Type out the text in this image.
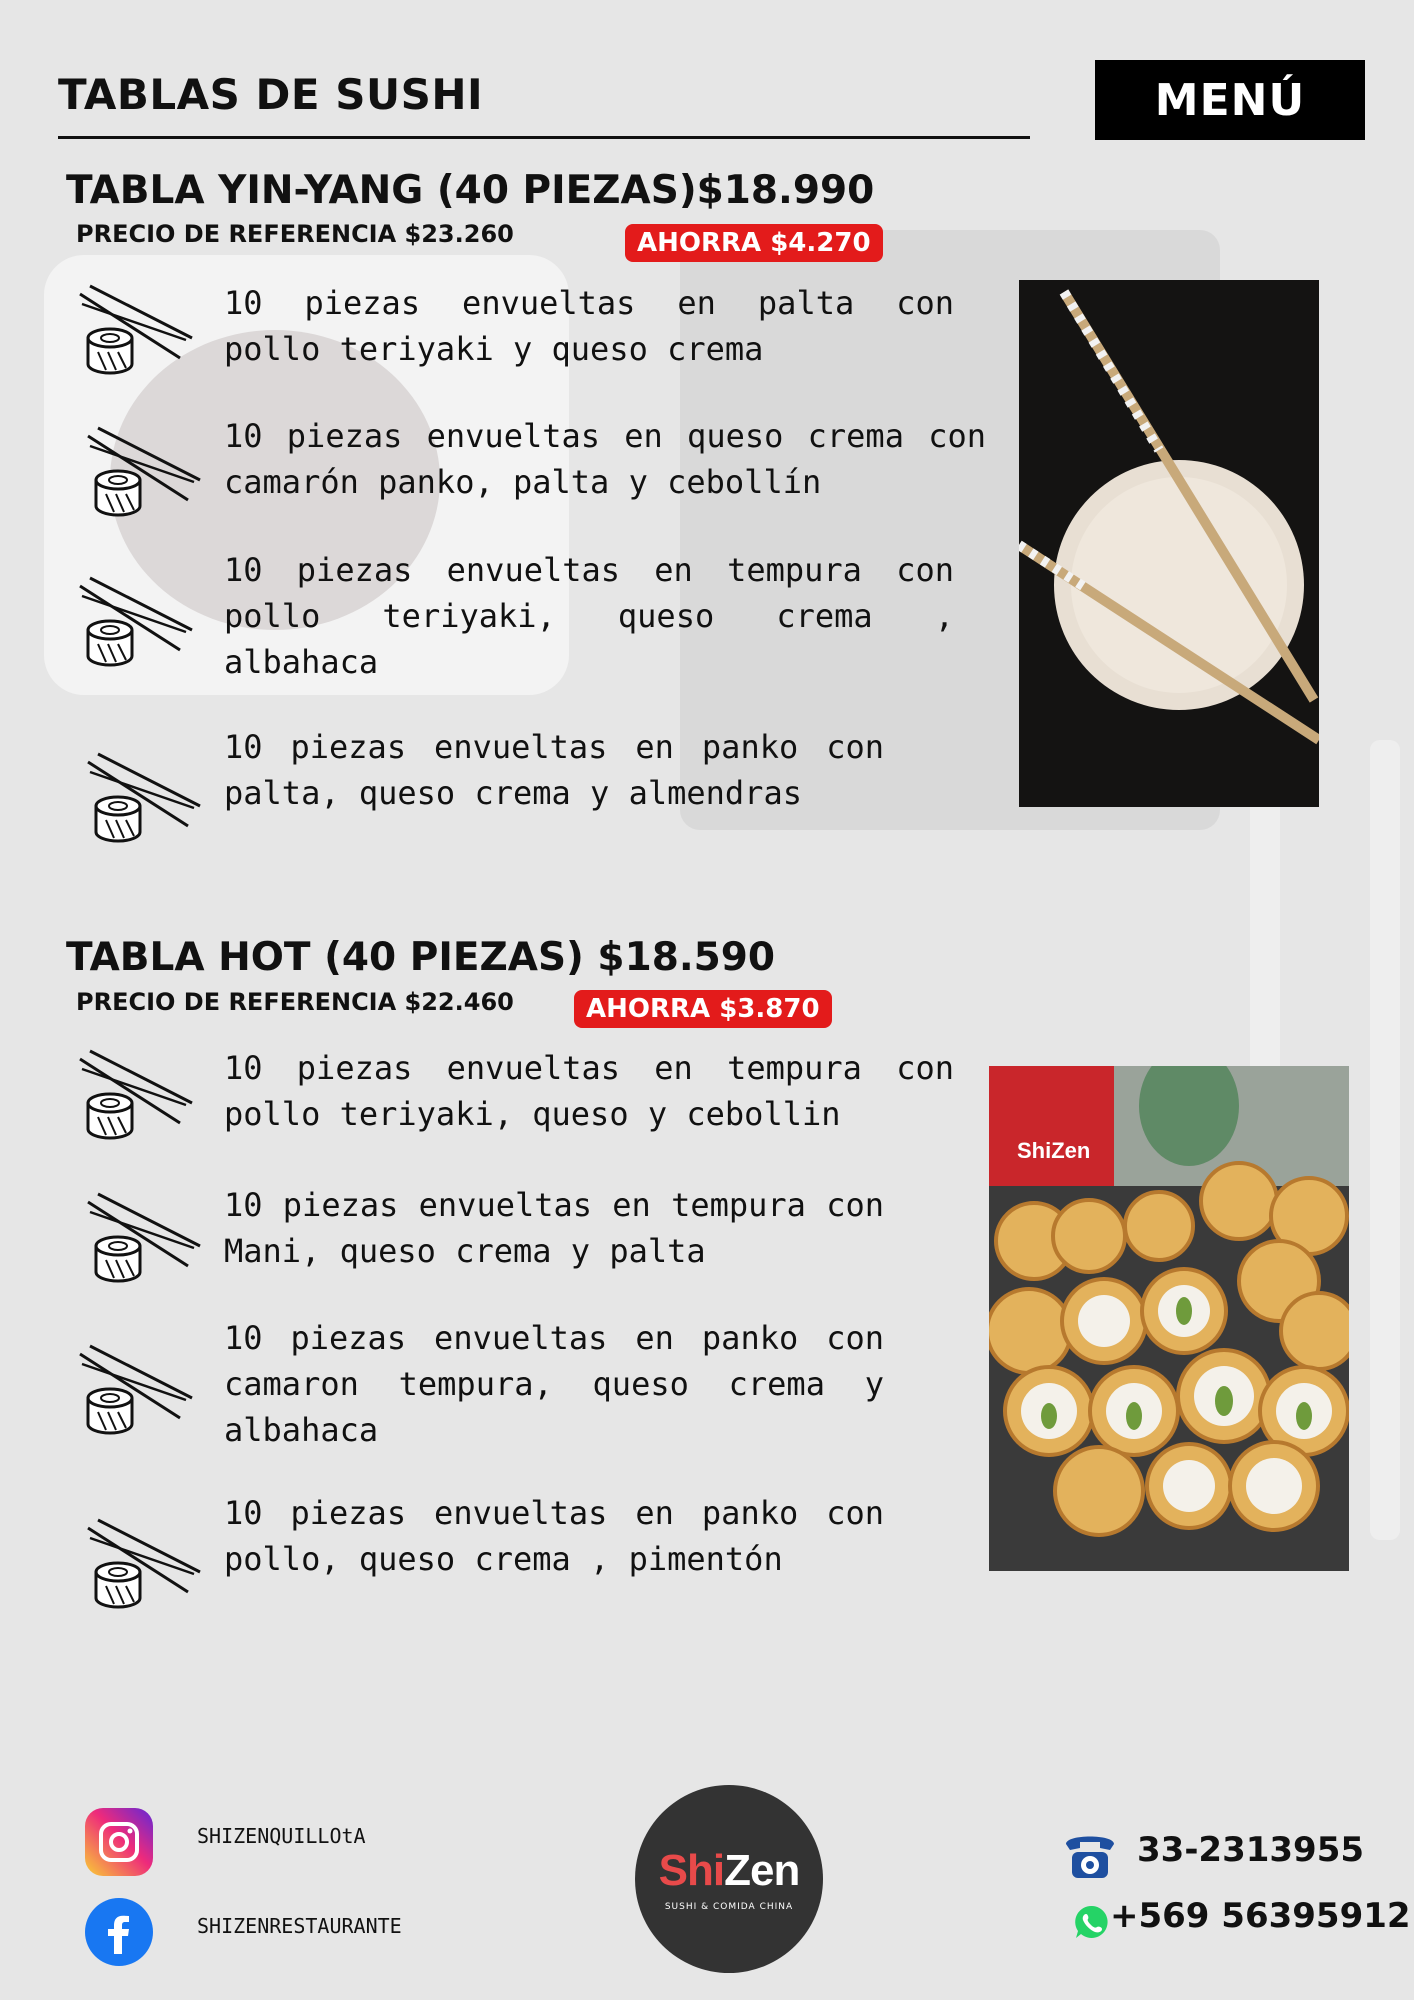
TABLAS DE SUSHI	MENÚ
TABLA YIN-YANG (40 PIEZAS)$18.990
PRECIO DE REFERENCIA $23.260	AHORRA $4.270
10 piezas envueltas en palta con pollo teriyaki y queso crema
10 piezas envueltas en queso crema con camarón panko, palta y cebollín
10 piezas envueltas en tempura con pollo teriyaki, queso crema , albahaca
10 piezas envueltas en panko con palta, queso crema y almendras
TABLA HOT (40 PIEZAS) $18.590
PRECIO DE REFERENCIA $22.460	AHORRA $3.870
10 piezas envueltas en tempura con pollo teriyaki, queso y cebollin
10 piezas envueltas en tempura con Mani, queso crema y palta
10 piezas envueltas en panko con camaron tempura, queso crema y albahaca
10 piezas envueltas en panko con pollo, queso crema , pimentón
ShiZen
SHIZENQUILLOtA
SHIZENRESTAURANTE
ShiZen
SUSHI & COMIDA CHINA
33-2313955
+569 56395912
